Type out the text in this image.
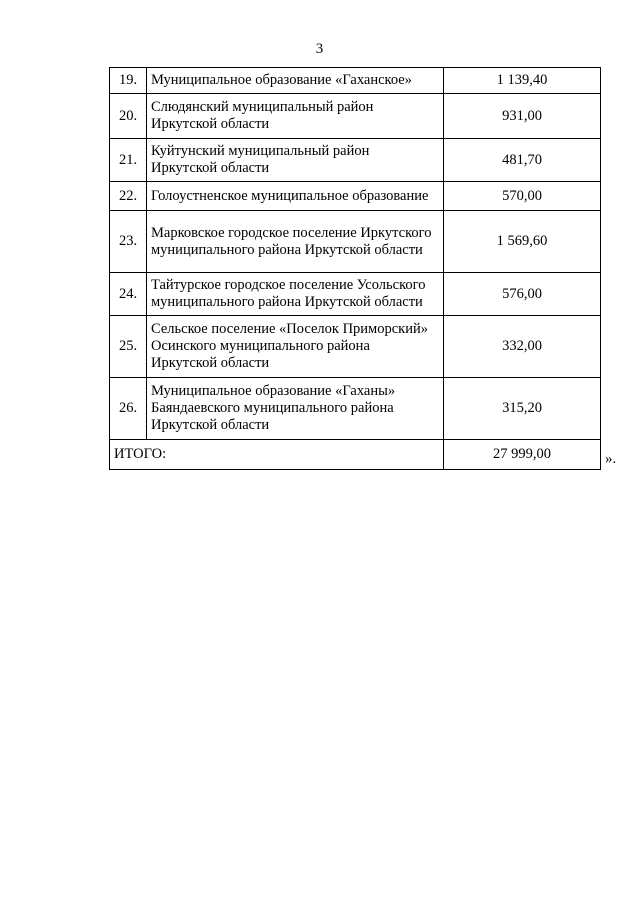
3
19.	Муниципальное образование «Гаханское»	1 139,40
20.	Слюдянский муниципальный район Иркутской области	931,00
21.	Куйтунский муниципальный район Иркутской области	481,70
22.	Голоустненское муниципальное образование	570,00
23.	Марковское городское поселение Иркутского муниципального района Иркутской области	1 569,60
24.	Тайтурское городское поселение Усольского муниципального района Иркутской области	576,00
25.	Сельское поселение «Поселок Приморский» Осинского муниципального района Иркутской области	332,00
26.	Муниципальное образование «Гаханы» Баяндаевского муниципального района Иркутской области	315,20
ИТОГО:		27 999,00	».
